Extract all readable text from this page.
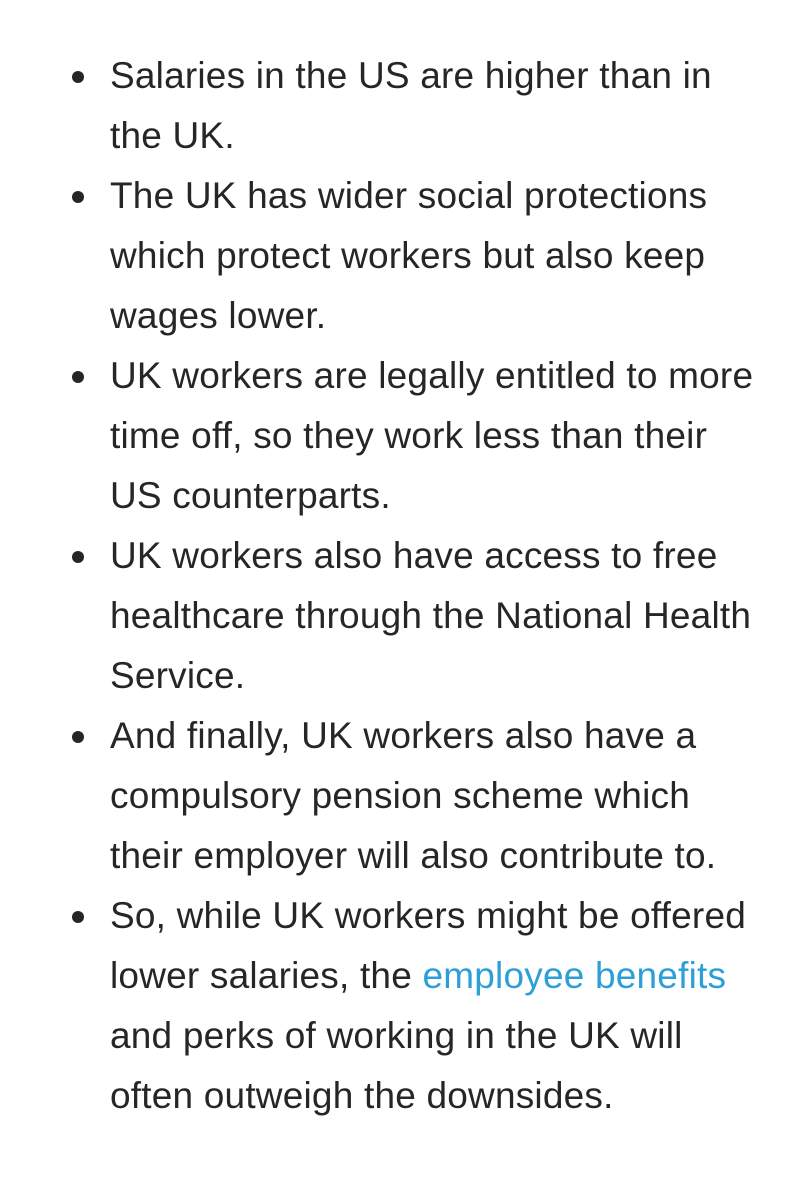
Salaries in the US are higher than in the UK.
The UK has wider social protections which protect workers but also keep wages lower.
UK workers are legally entitled to more time off, so they work less than their US counterparts.
UK workers also have access to free healthcare through the National Health Service.
And finally, UK workers also have a compulsory pension scheme which their employer will also contribute to.
So, while UK workers might be offered lower salaries, the employee benefits and perks of working in the UK will often outweigh the downsides.
